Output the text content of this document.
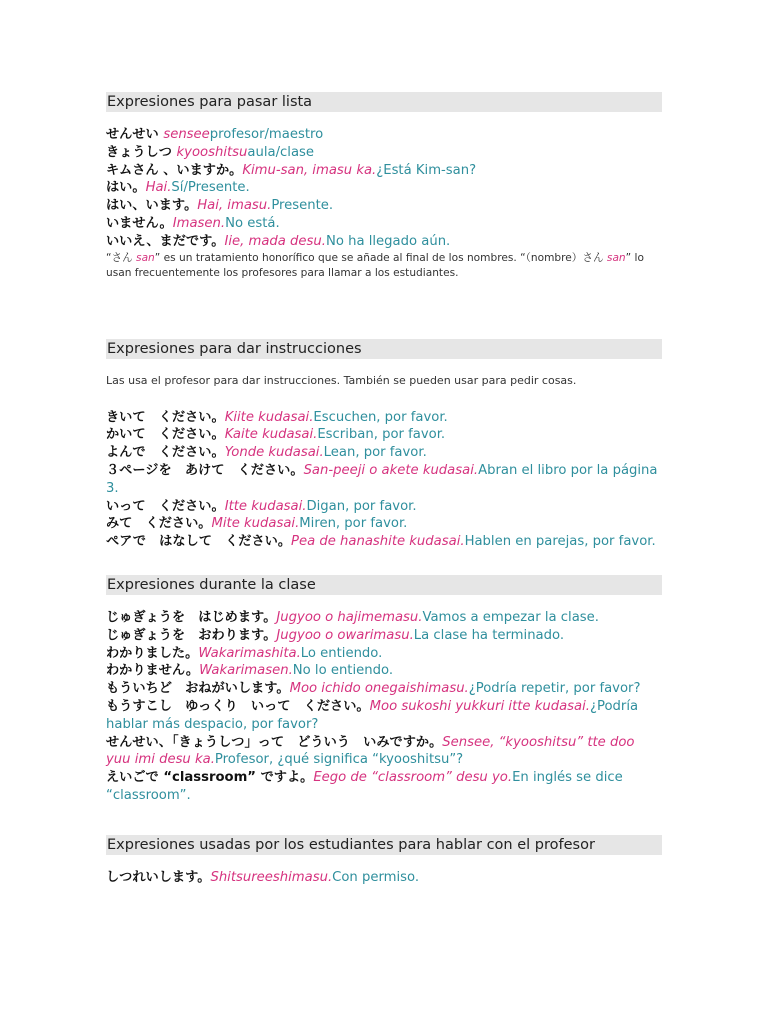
Expresiones para pasar lista

せんせい senseeprofesor/maestro

きょうしつ kyooshitsuaula/clase

キムさん 、いますか。Kimu-san, imasu ka.¿Está Kim-san?

はい。Hai.Sí/Presente.

はい、います。Hai, imasu.Presente.

いません。Imasen.No está.

いいえ、まだです。Iie, mada desu.No ha llegado aún.

“さん san” es un tratamiento honorífico que se añade al final de los nombres. “（nombre）さん san” lo usan frecuentemente los profesores para llamar a los estudiantes.

Expresiones para dar instrucciones

Las usa el profesor para dar instrucciones. También se pueden usar para pedir cosas.

きいて　ください。Kiite kudasai.Escuchen, por favor.

かいて　ください。Kaite kudasai.Escriban, por favor.

よんで　ください。Yonde kudasai.Lean, por favor.

３ページを　あけて　ください。San-peeji o akete kudasai.Abran el libro por la página 3.

いって　ください。Itte kudasai.Digan, por favor.

みて　ください。Mite kudasai.Miren, por favor.

ペアで　はなして　ください。Pea de hanashite kudasai.Hablen en parejas, por favor.

Expresiones durante la clase

じゅぎょうを　はじめます。Jugyoo o hajimemasu.Vamos a empezar la clase.

じゅぎょうを　おわります。Jugyoo o owarimasu.La clase ha terminado.

わかりました。Wakarimashita.Lo entiendo.

わかりません。Wakarimasen.No lo entiendo.

もういちど　おねがいします。Moo ichido onegaishimasu.¿Podría repetir, por favor?

もうすこし　ゆっくり　いって　ください。Moo sukoshi yukkuri itte kudasai.¿Podría hablar más despacio, por favor?

せんせい、「きょうしつ」って　どういう　いみですか。Sensee, “kyooshitsu” tte doo yuu imi desu ka.Profesor, ¿qué significa “kyooshitsu”?

えいごで “classroom” ですよ。Eego de “classroom” desu yo.En inglés se dice “classroom”.

Expresiones usadas por los estudiantes para hablar con el profesor

しつれいします。Shitsureeshimasu.Con permiso.
